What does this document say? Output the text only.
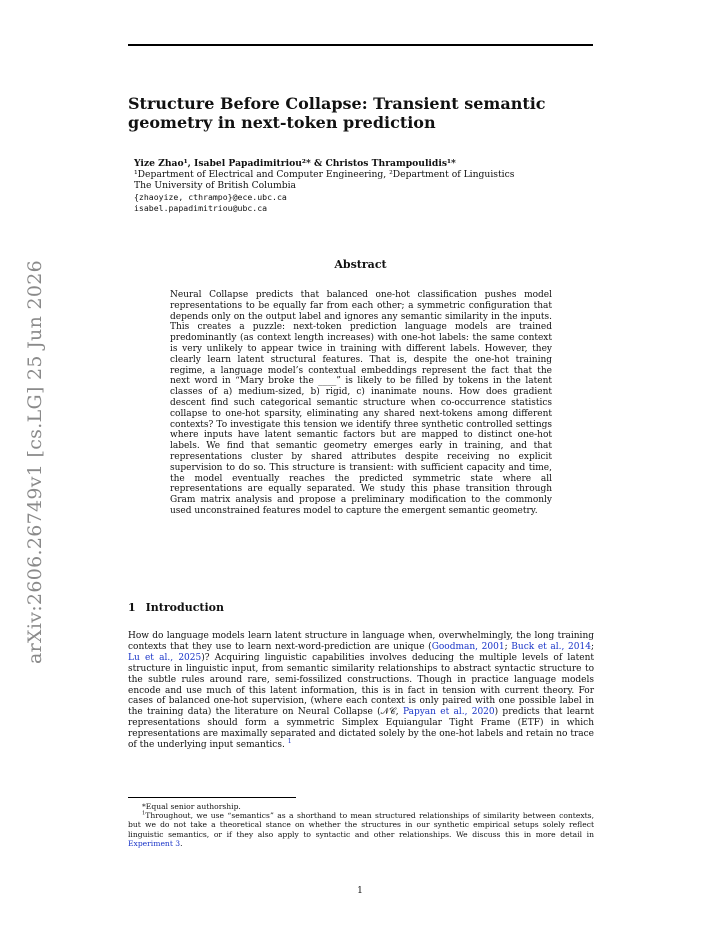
arXiv:2606.26749v1 [cs.LG] 25 Jun 2026
Structure Before Collapse: Transient semantic geometry in next-token prediction
Yize Zhao¹, Isabel Papadimitriou²* & Christos Thrampoulidis¹*
¹Department of Electrical and Computer Engineering, ²Department of Linguistics
The University of British Columbia
{zhaoyize, cthrampo}@ece.ubc.ca
isabel.papadimitriou@ubc.ca
Abstract

Neural Collapse predicts that balanced one-hot classification pushes model representations to be equally far from each other; a symmetric configuration that depends only on the output label and ignores any semantic similarity in the inputs. This creates a puzzle: next-token prediction language models are trained predominantly (as context length increases) with one-hot labels: the same context is very unlikely to appear twice in training with different labels. However, they clearly learn latent structural features. That is, despite the one-hot training regime, a language model’s contextual embeddings represent the fact that the next word in “Mary broke the ____” is likely to be filled by tokens in the latent classes of a) medium-sized, b) rigid, c) inanimate nouns. How does gradient descent find such categorical semantic structure when co-occurrence statistics collapse to one-hot sparsity, eliminating any shared next-tokens among different contexts? To investigate this tension we identify three synthetic controlled settings where inputs have latent semantic factors but are mapped to distinct one-hot labels. We find that semantic geometry emerges early in training, and that representations cluster by shared attributes despite receiving no explicit supervision to do so. This structure is transient: with sufficient capacity and time, the model eventually reaches the predicted symmetric state where all representations are equally separated. We study this phase transition through Gram matrix analysis and propose a preliminary modification to the commonly used unconstrained features model to capture the emergent semantic geometry.

1 Introduction

How do language models learn latent structure in language when, overwhelmingly, the long training contexts that they use to learn next-word-prediction are unique (Goodman, 2001; Buck et al., 2014; Lu et al., 2025)? Acquiring linguistic capabilities involves deducing the multiple levels of latent structure in linguistic input, from semantic similarity relationships to abstract syntactic structure to the subtle rules around rare, semi-fossilized constructions. Though in practice language models encode and use much of this latent information, this is in fact in tension with current theory. For cases of balanced one-hot supervision, (where each context is only paired with one possible label in the training data) the literature on Neural Collapse (𝒩𝒞, Papyan et al., 2020) predicts that learnt representations should form a symmetric Simplex Equiangular Tight Frame (ETF) in which representations are maximally separated and dictated solely by the one-hot labels and retain no trace of the underlying input semantics. $^1$

*Equal senior authorship.

$^1$Throughout, we use “semantics” as a shorthand to mean structured relationships of similarity between contexts, but we do not take a theoretical stance on whether the structures in our synthetic empirical setups solely reflect linguistic semantics, or if they also apply to syntactic and other relationships. We discuss this in more detail in Experiment 3.

1
